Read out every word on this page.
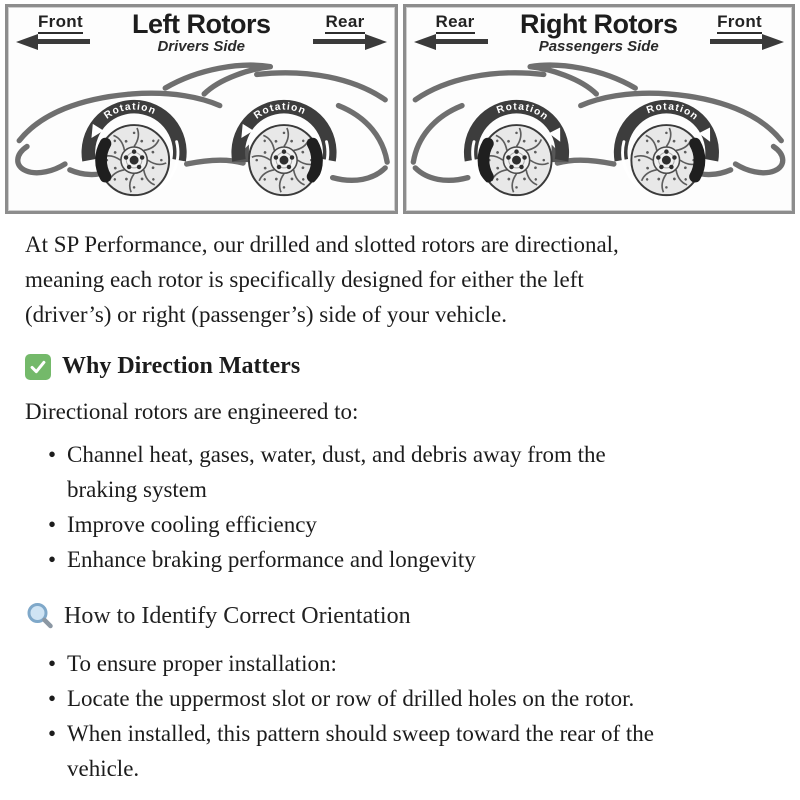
Front	Left Rotors
Drivers Side
Rear	Rear	Right Rotors
Passengers Side
Front
At SP Performance, our drilled and slotted rotors are directional,
meaning each rotor is specifically designed for either the left
(driver’s) or right (passenger’s) side of your vehicle.
Why Direction Matters
Directional rotors are engineered to:
• Channel heat, gases, water, dust, and debris away from the
braking system
• Improve cooling efficiency
• Enhance braking performance and longevity
How to Identify Correct Orientation
• To ensure proper installation:
• Locate the uppermost slot or row of drilled holes on the rotor.
• When installed, this pattern should sweep toward the rear of the
vehicle.
